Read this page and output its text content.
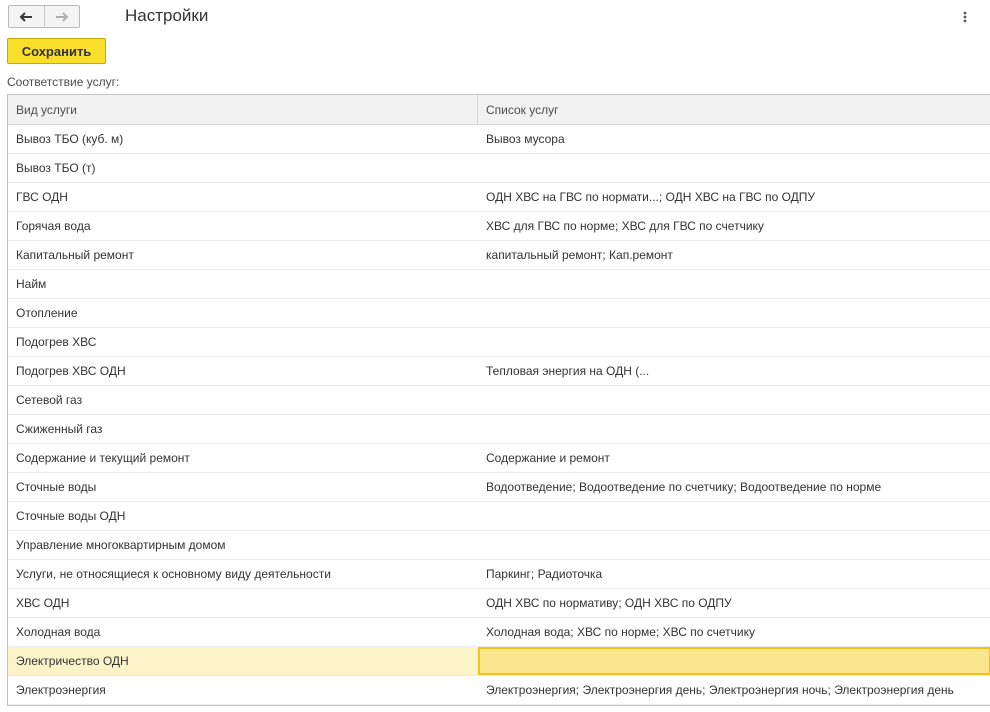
Настройки
Сохранить
Соответствие услуг:
Вид услуги	Список услуг
Вывоз ТБО (куб. м)	Вывоз мусора
Вывоз ТБО (т)
ГВС ОДН	ОДН ХВС на ГВС по нормати...; ОДН ХВС на ГВС по ОДПУ
Горячая вода	ХВС для ГВС по норме; ХВС для ГВС по счетчику
Капитальный ремонт	капитальный ремонт; Кап.ремонт
Найм
Отопление
Подогрев ХВС
Подогрев ХВС ОДН	Тепловая энергия на ОДН (...
Сетевой газ
Сжиженный газ
Содержание и текущий ремонт	Содержание и ремонт
Сточные воды	Водоотведение; Водоотведение по счетчику; Водоотведение по норме
Сточные воды ОДН
Управление многоквартирным домом
Услуги, не относящиеся к основному виду деятельности	Паркинг; Радиоточка
ХВС ОДН	ОДН ХВС по нормативу; ОДН ХВС по ОДПУ
Холодная вода	Холодная вода; ХВС по норме; ХВС по счетчику
Электричество ОДН
Электроэнергия	Электроэнергия; Электроэнергия день; Электроэнергия ночь; Электроэнергия день
